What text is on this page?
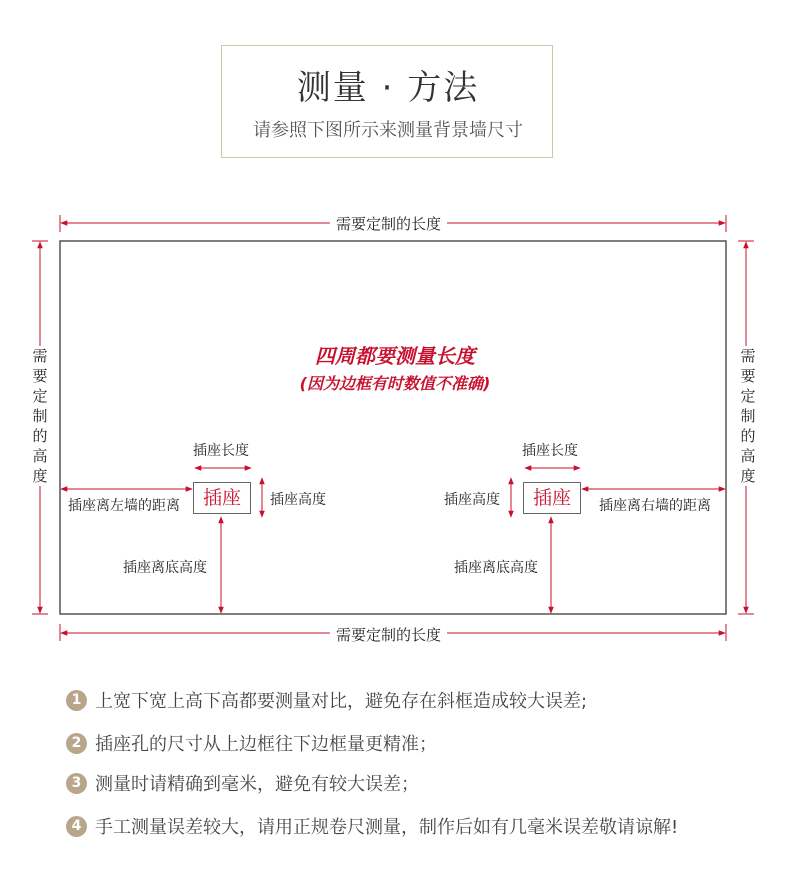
测量 · 方法
请参照下图所示来测量背景墙尺寸
需要定制的长度
需要定制的长度
需
要
定
制
的
高
度
需
要
定
制
的
高
度
四周都要测量长度
(因为边框有时数值不准确)
插座长度
插座	插座高度
插座离左墙的距离
插座离底高度
插座长度
插座
插座高度	插座离右墙的距离
插座离底高度
1 上宽下宽上高下高都要测量对比，避免存在斜框造成较大误差;
2 插座孔的尺寸从上边框往下边框量更精准；
3 测量时请精确到毫米，避免有较大误差；
4 手工测量误差较大，请用正规卷尺测量，制作后如有几毫米误差敬请谅解!
